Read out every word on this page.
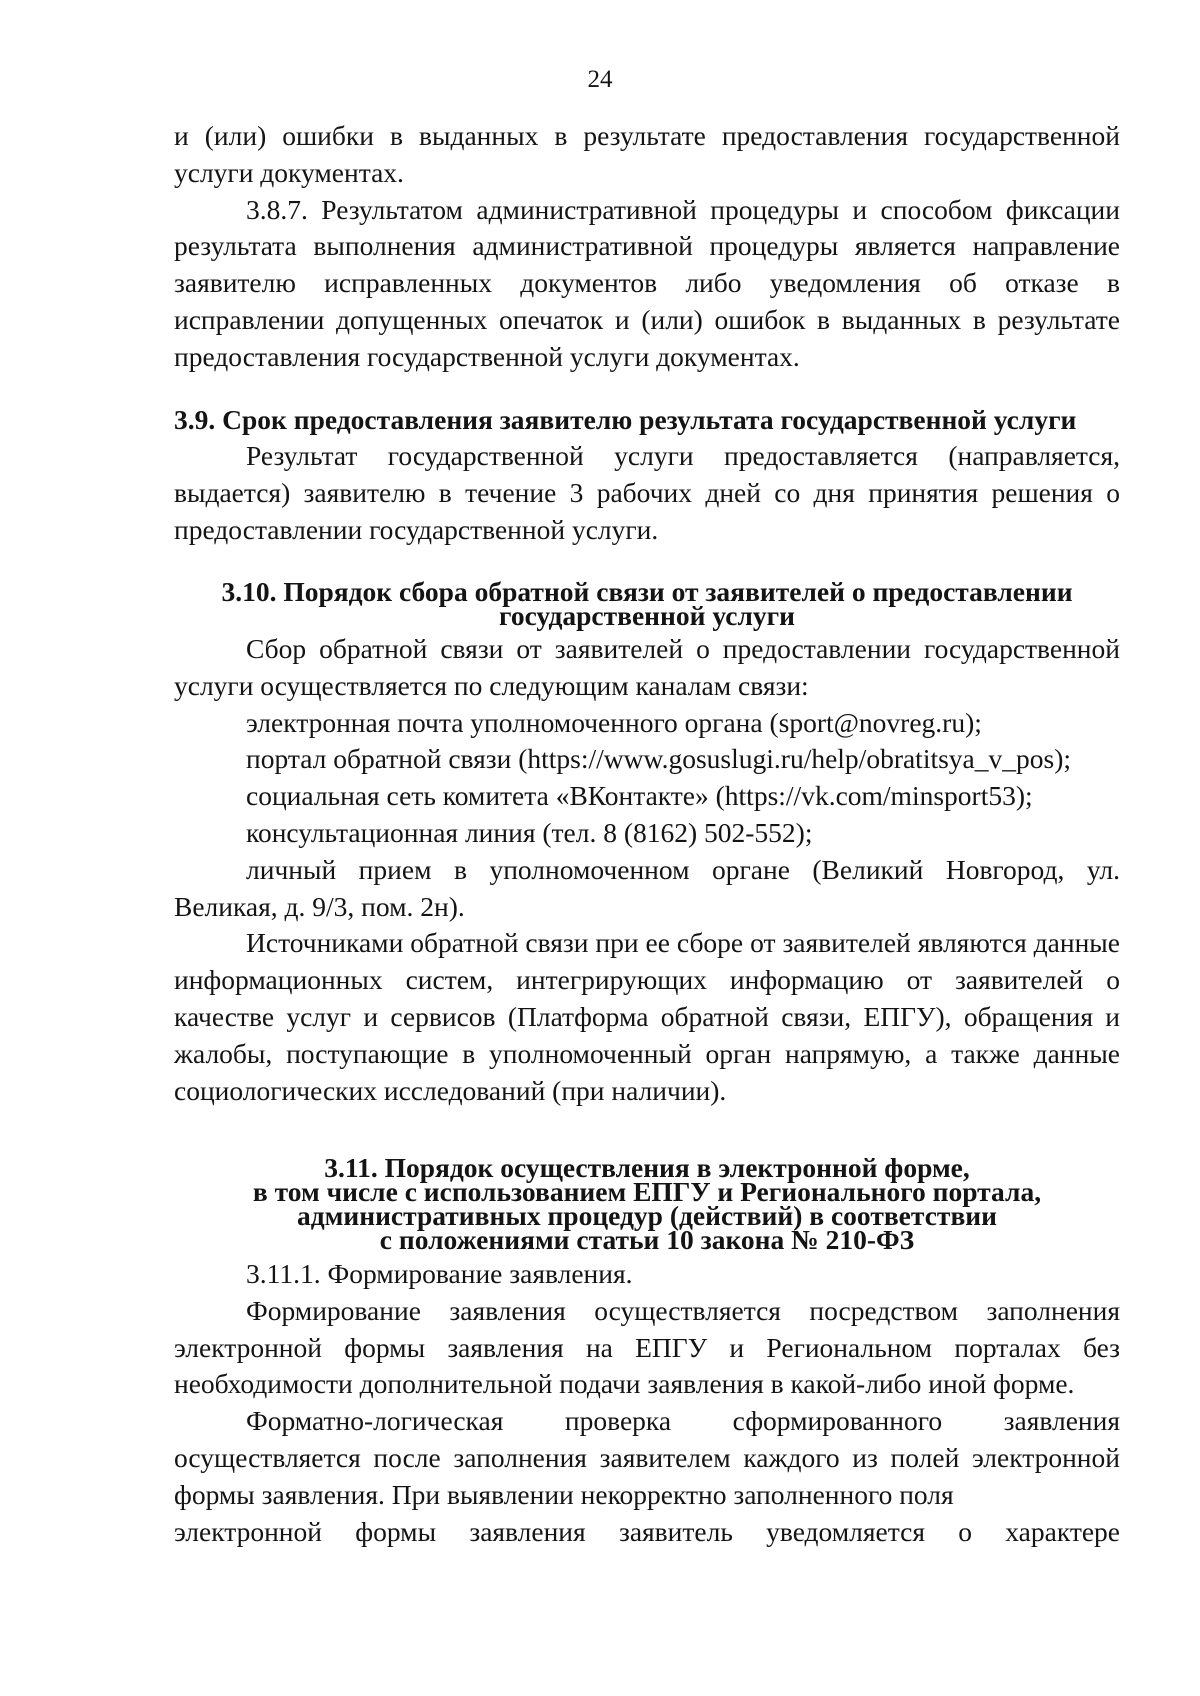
24

и (или) ошибки в выданных в результате предоставления государственной услуги документах.

3.8.7. Результатом административной процедуры и способом фиксации результата выполнения административной процедуры является направление заявителю исправленных документов либо уведомления об отказе в исправлении допущенных опечаток и (или) ошибок в выданных в результате предоставления государственной услуги документах.

3.9. Срок предоставления заявителю результата государственной услуги

Результат государственной услуги предоставляется (направляется, выдается) заявителю в течение 3 рабочих дней со дня принятия решения о предоставлении государственной услуги.

3.10. Порядок сбора обратной связи от заявителей о предоставлении

государственной услуги

Сбор обратной связи от заявителей о предоставлении государственной услуги осуществляется по следующим каналам связи:

электронная почта уполномоченного органа (sport@novreg.ru);

портал обратной связи (https://www.gosuslugi.ru/help/obratitsya_v_pos);

социальная сеть комитета «ВКонтакте» (https://vk.com/minsport53);

консультационная линия (тел. 8 (8162) 502-552);

личный прием в уполномоченном органе (Великий Новгород, ул. Великая, д. 9/3, пом. 2н).

Источниками обратной связи при ее сборе от заявителей являются данные информационных систем, интегрирующих информацию от заявителей о качестве услуг и сервисов (Платформа обратной связи, ЕПГУ), обращения и жалобы, поступающие в уполномоченный орган напрямую, а также данные социологических исследований (при наличии).

3.11. Порядок осуществления в электронной форме,

в том числе с использованием ЕПГУ и Регионального портала,

административных процедур (действий) в соответствии

с положениями статьи 10 закона № 210-ФЗ

3.11.1. Формирование заявления.

Формирование заявления осуществляется посредством заполнения электронной формы заявления на ЕПГУ и Региональном порталах без необходимости дополнительной подачи заявления в какой-либо иной форме.

Форматно-логическая проверка сформированного заявления осуществляется после заполнения заявителем каждого из полей электронной формы заявления. При выявлении некорректно заполненного поля

электронной формы заявления заявитель уведомляется о характере
